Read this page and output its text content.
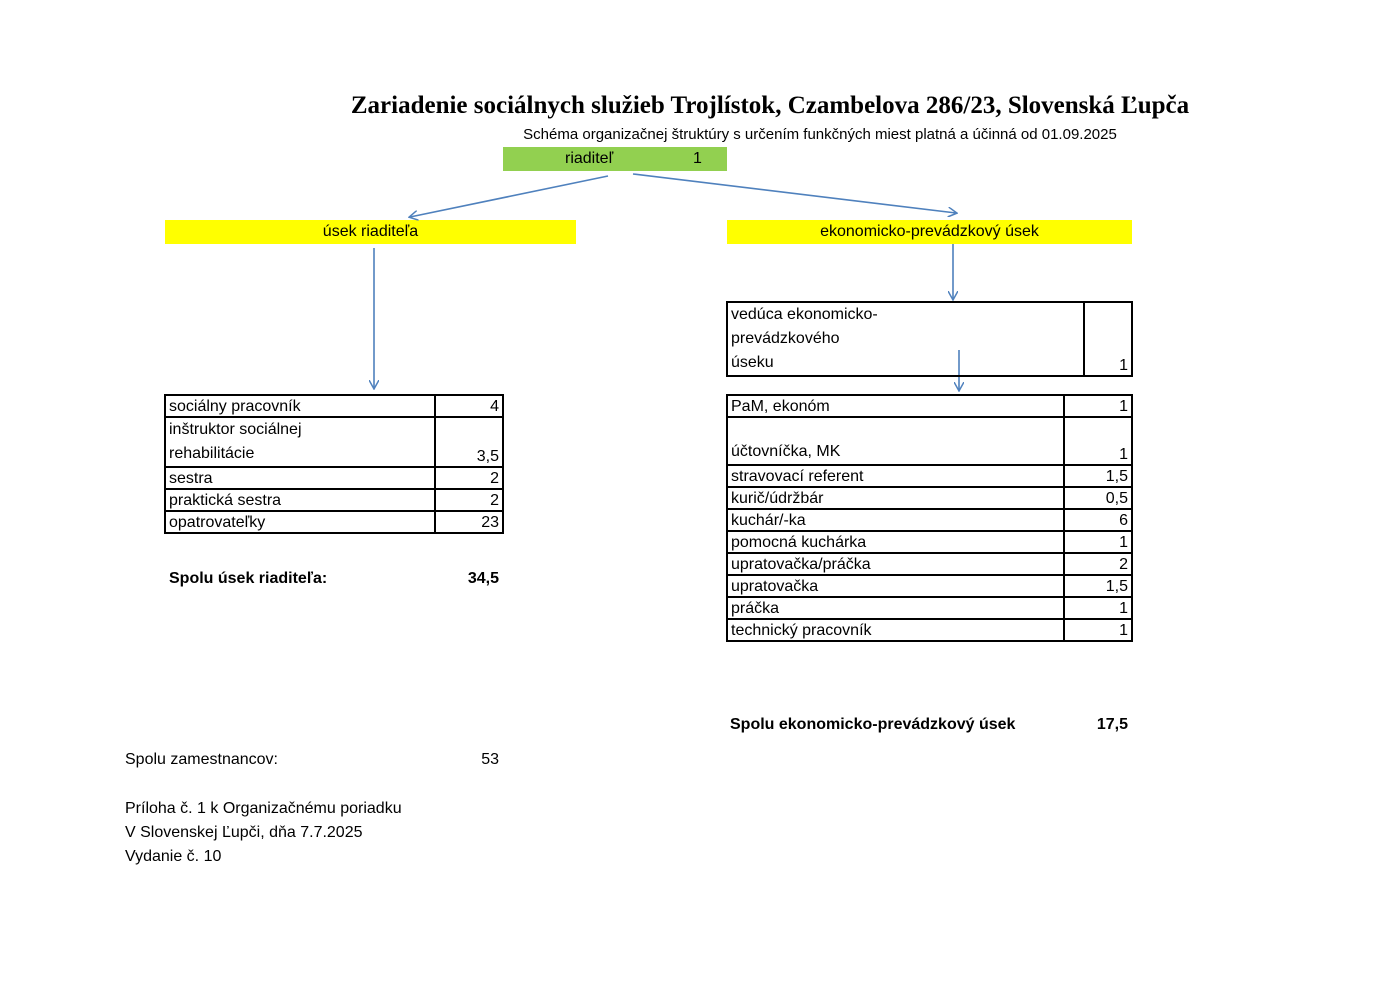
Zariadenie sociálnych služieb Trojlístok, Czambelova 286/23, Slovenská Ľupča
Schéma organizačnej štruktúry s určením funkčných miest platná a účinná od 01.09.2025
riaditeľ	1
úsek riaditeľa	ekonomicko-prevádzkový úsek
sociálny pracovník	4
inštruktor sociálnej rehabilitácie	3,5
sestra	2
praktická sestra	2
opatrovateľky	23
Spolu úsek riaditeľa:	34,5
vedúca ekonomicko-prevádzkového úseku	1
PaM, ekonóm	1
účtovníčka, MK	1
stravovací referent	1,5
kurič/údržbár	0,5
kuchár/-ka	6
pomocná kuchárka	1
upratovačka/práčka	2
upratovačka	1,5
práčka	1
technický pracovník	1
Spolu ekonomicko-prevádzkový úsek	17,5
Spolu zamestnancov:	53
Príloha č. 1 k Organizačnému poriadku
V Slovenskej Ľupči, dňa 7.7.2025
Vydanie č. 10
